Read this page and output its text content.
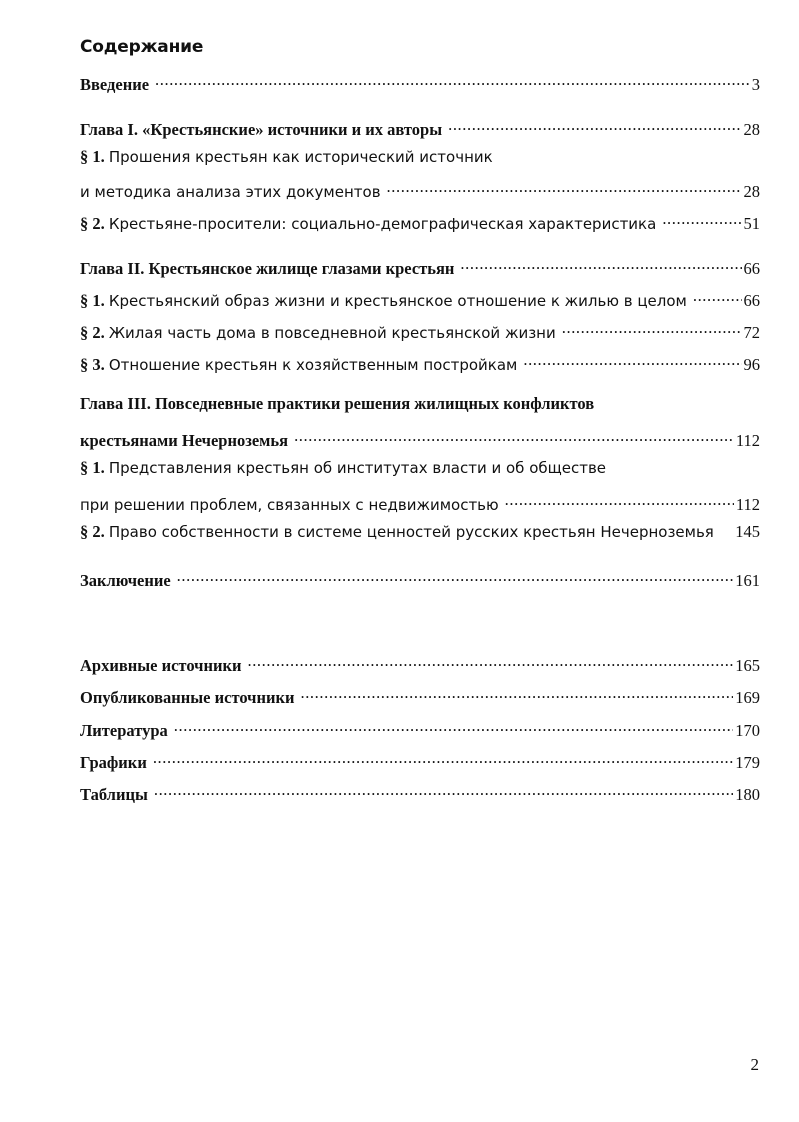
Содержание
Введение .....	3
Глава I. «Крестьянские» источники и их авторы .....	28
§ 1. Прошения крестьян как исторический источник
и методика анализа этих документов .....	28
§ 2. Крестьяне-просители: социально-демографическая характеристика .....	51
Глава II. Крестьянское жилище глазами крестьян .....	66
§ 1. Крестьянский образ жизни и крестьянское отношение к жилью в целом .....	66
§ 2. Жилая часть дома в повседневной крестьянской жизни .....	72
§ 3. Отношение крестьян к хозяйственным постройкам .....	96
Глава III. Повседневные практики решения жилищных конфликтов
крестьянами Нечерноземья .....	112
§ 1. Представления крестьян об институтах власти и об обществе
при решении проблем, связанных с недвижимостью .....	112
§ 2. Право собственности в системе ценностей русских крестьян Нечерноземья 145
Заключение .....	161
Архивные источники .....	165
Опубликованные источники .....	169
Литература .....	170
Графики .....	179
Таблицы .....	180
2
